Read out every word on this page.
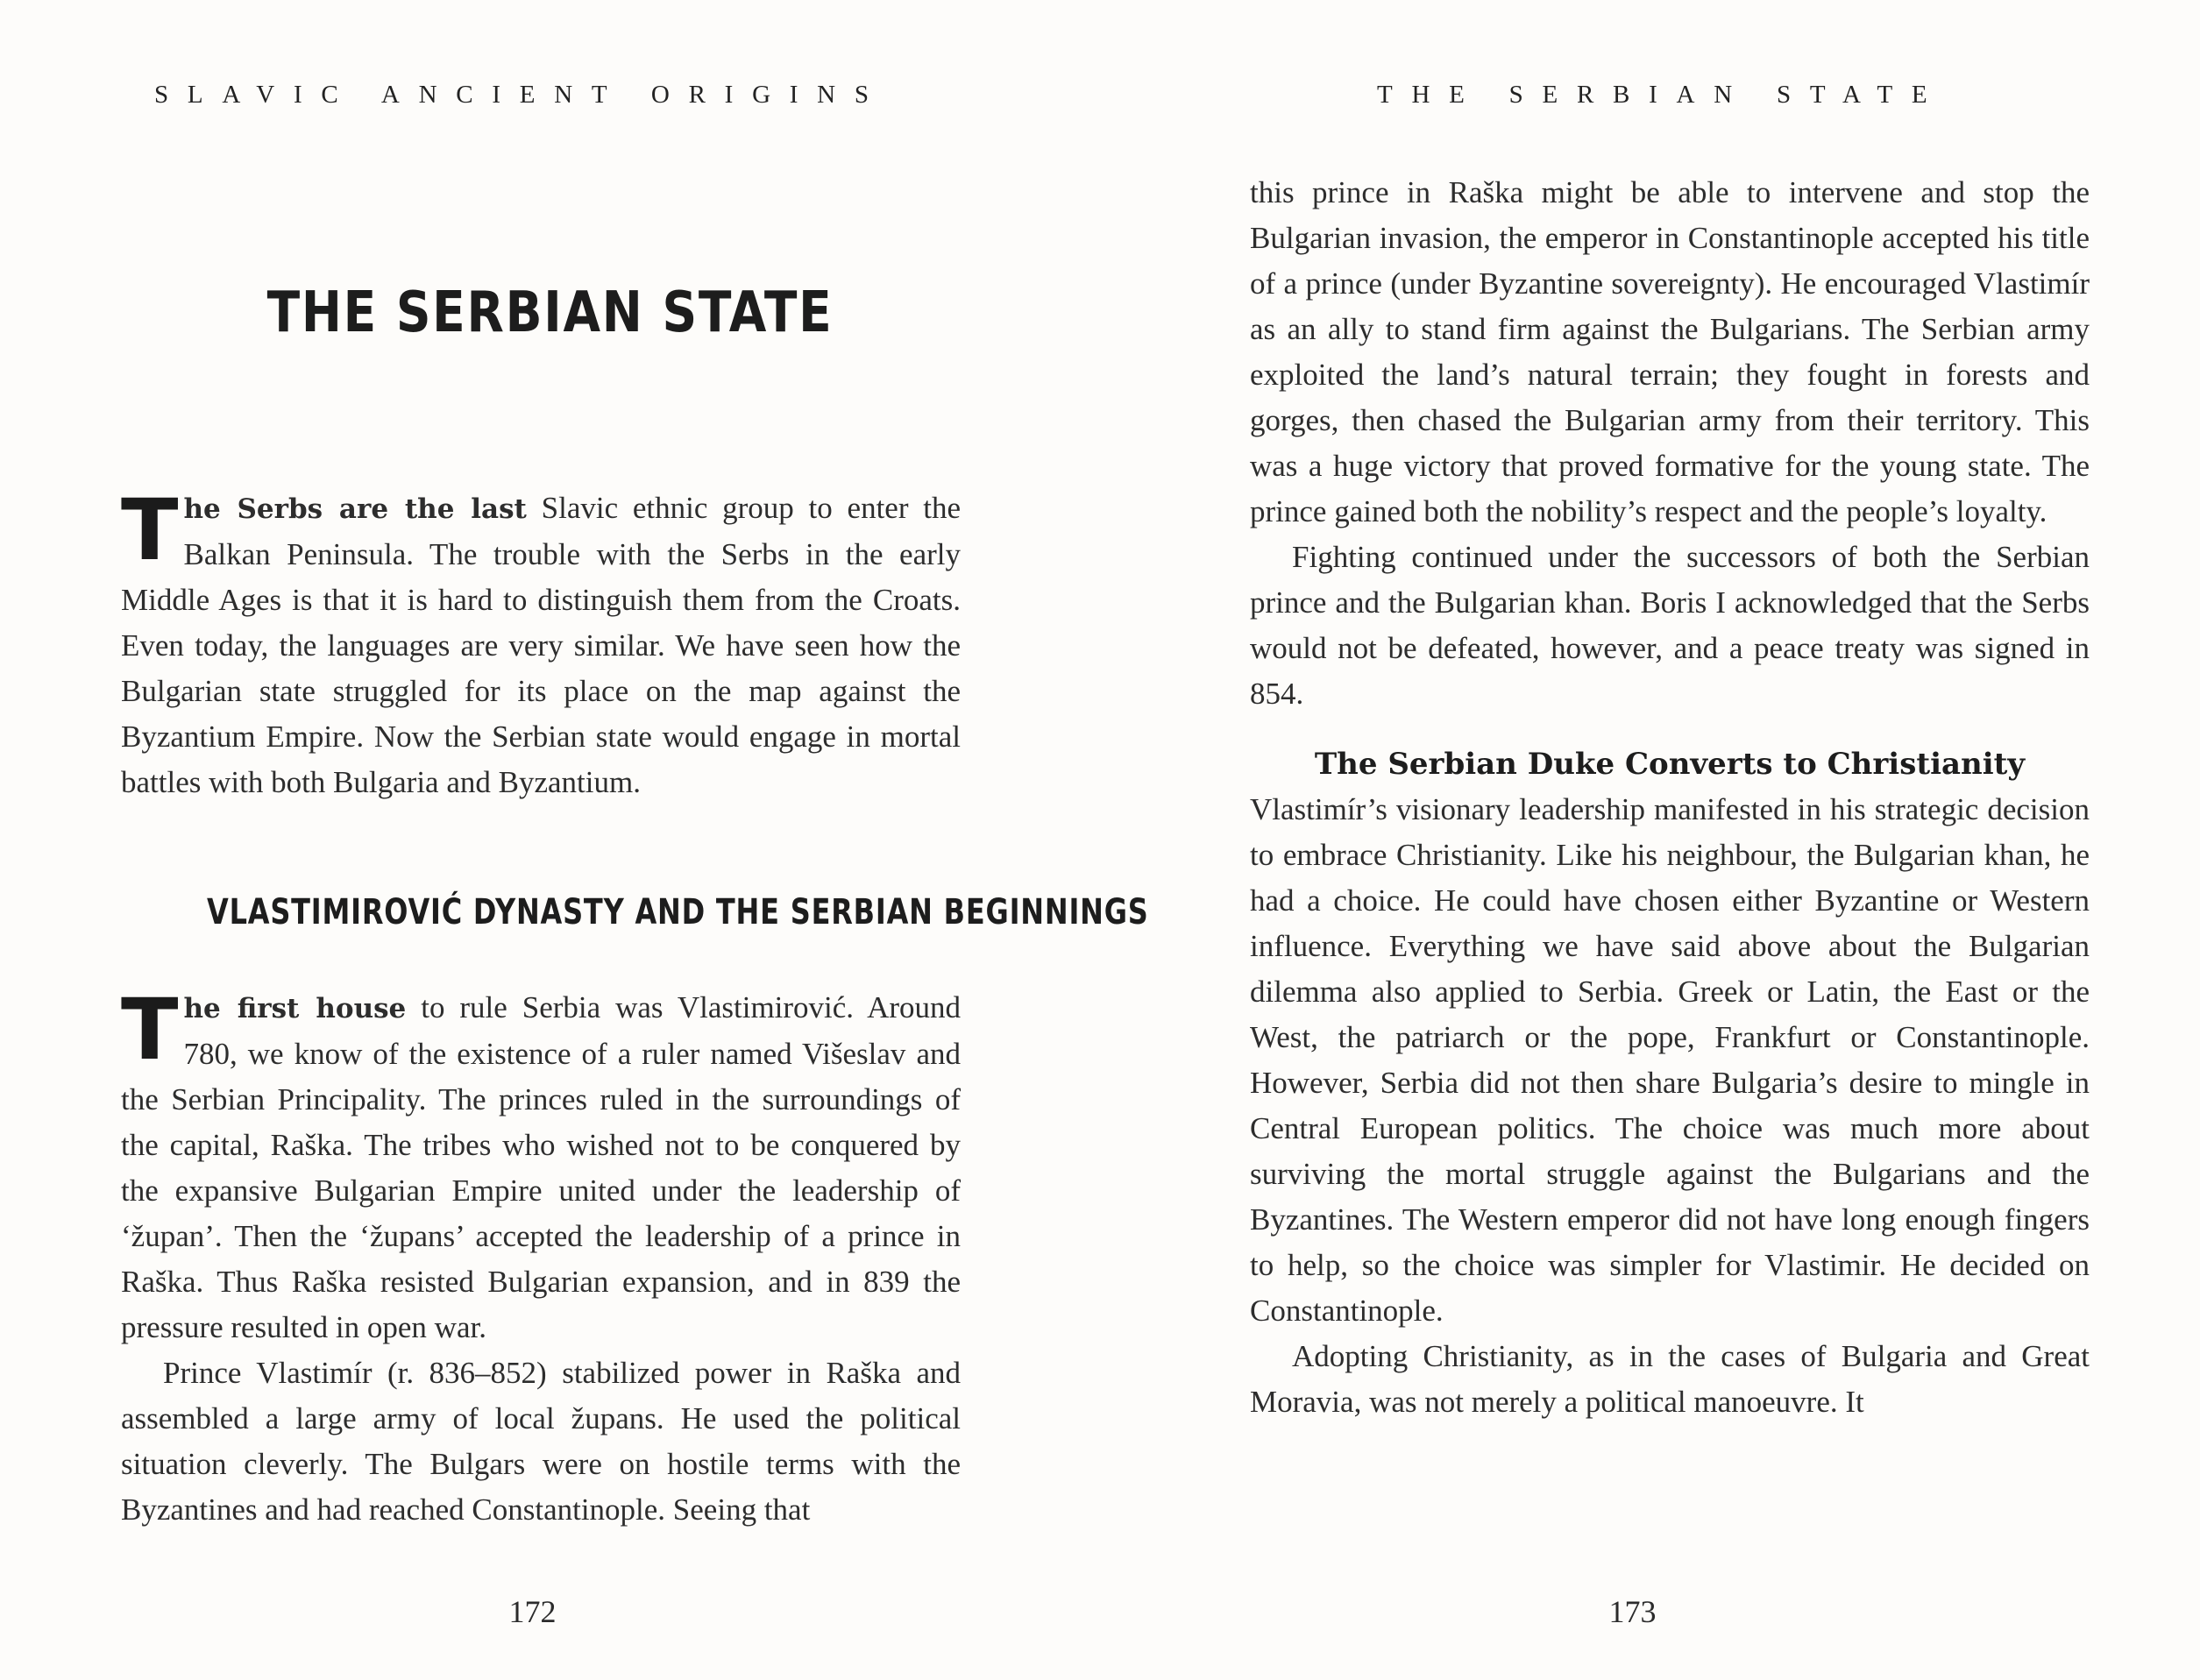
SLAVIC ANCIENT ORIGINS
THE SERBIAN STATE

The Serbs are the last Slavic ethnic group to enter the Balkan Peninsula. The trouble with the Serbs in the early Middle Ages is that it is hard to distinguish them from the Croats. Even today, the languages are very similar. We have seen how the Bulgarian state struggled for its place on the map against the Byzantium Empire. Now the Serbian state would engage in mortal battles with both Bulgaria and Byzantium.

VLASTIMIROVIĆ DYNASTY AND THE SERBIAN BEGINNINGS

The first house to rule Serbia was Vlastimirović. Around 780, we know of the existence of a ruler named Višeslav and the Serbian Principality. The princes ruled in the surroundings of the capital, Raška. The tribes who wished not to be conquered by the expansive Bulgarian Empire united under the leadership of ‘župan’. Then the ‘župans’ accepted the leadership of a prince in Raška. Thus Raška resisted Bulgarian expansion, and in 839 the pressure resulted in open war.

Prince Vlastimír (r. 836–852) stabilized power in Raška and assembled a large army of local župans. He used the political situation cleverly. The Bulgars were on hostile terms with the Byzantines and had reached Constantinople. Seeing that

172
THE SERBIAN STATE

this prince in Raška might be able to intervene and stop the Bulgarian invasion, the emperor in Constantinople accepted his title of a prince (under Byzantine sovereignty). He encouraged Vlastimír as an ally to stand firm against the Bulgarians. The Serbian army exploited the land’s natural terrain; they fought in forests and gorges, then chased the Bulgarian army from their territory. This was a huge victory that proved formative for the young state. The prince gained both the nobility’s respect and the people’s loyalty.

Fighting continued under the successors of both the Serbian prince and the Bulgarian khan. Boris I acknowledged that the Serbs would not be defeated, however, and a peace treaty was signed in 854.

The Serbian Duke Converts to Christianity

Vlastimír’s visionary leadership manifested in his strategic decision to embrace Christianity. Like his neighbour, the Bulgarian khan, he had a choice. He could have chosen either Byzantine or Western influence. Everything we have said above about the Bulgarian dilemma also applied to Serbia. Greek or Latin, the East or the West, the patriarch or the pope, Frankfurt or Constantinople. However, Serbia did not then share Bulgaria’s desire to mingle in Central European politics. The choice was much more about surviving the mortal struggle against the Bulgarians and the Byzantines. The Western emperor did not have long enough fingers to help, so the choice was simpler for Vlastimir. He decided on Constantinople.

Adopting Christianity, as in the cases of Bulgaria and Great Moravia, was not merely a political manoeuvre. It

173
